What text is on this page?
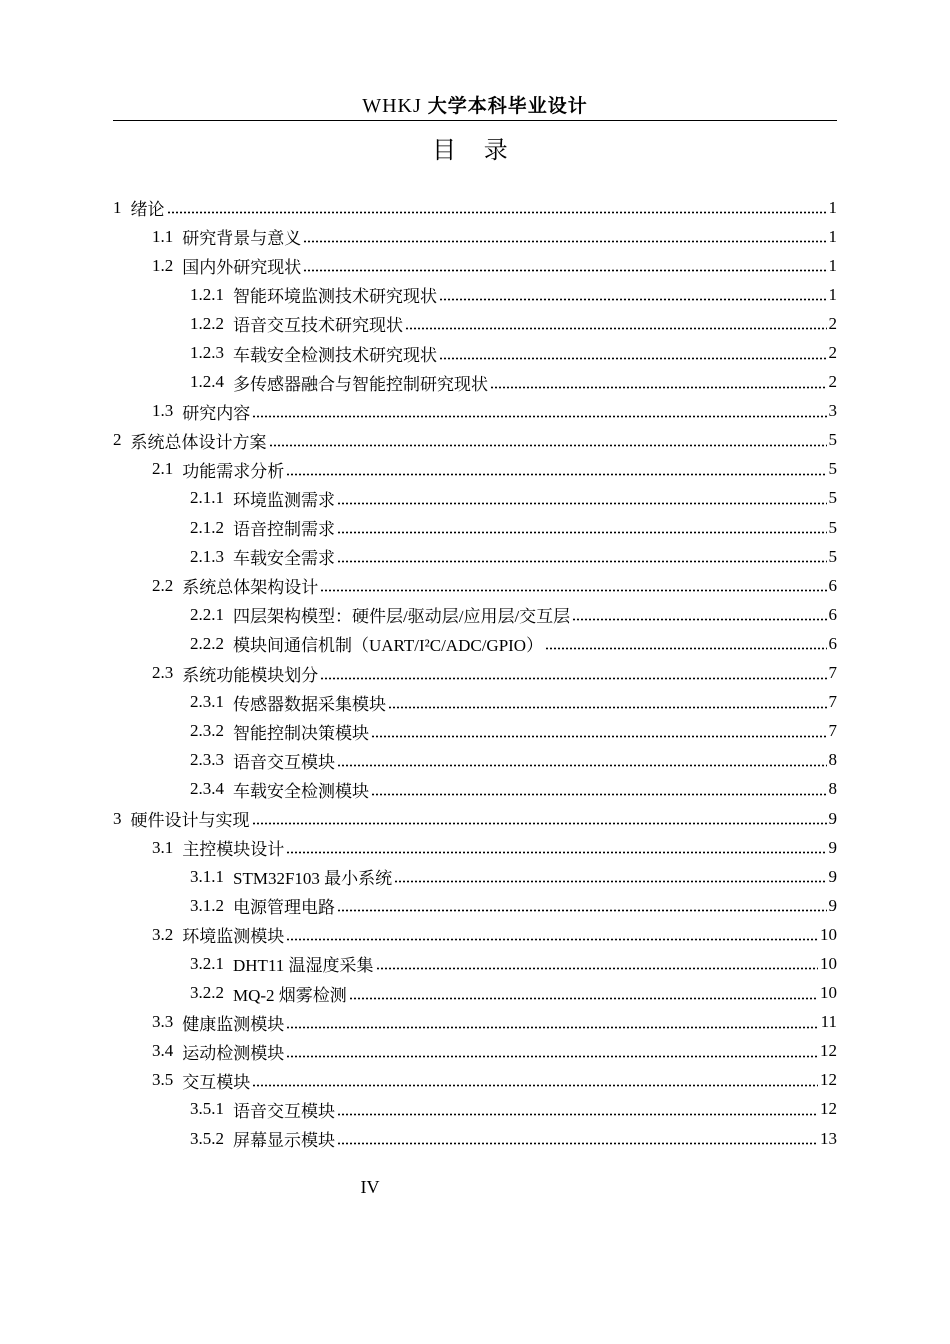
WHKJ 大学本科毕业设计
目 录
1 绪论	1
1.1 研究背景与意义	1
1.2 国内外研究现状	1
1.2.1 智能环境监测技术研究现状	1
1.2.2 语音交互技术研究现状	2
1.2.3 车载安全检测技术研究现状	2
1.2.4 多传感器融合与智能控制研究现状	2
1.3 研究内容	3
2 系统总体设计方案	5
2.1 功能需求分析	5
2.1.1 环境监测需求	5
2.1.2 语音控制需求	5
2.1.3 车载安全需求	5
2.2 系统总体架构设计	6
2.2.1 四层架构模型：硬件层/驱动层/应用层/交互层	6
2.2.2 模块间通信机制（UART/I²C/ADC/GPIO）	6
2.3 系统功能模块划分	7
2.3.1 传感器数据采集模块	7
2.3.2 智能控制决策模块	7
2.3.3 语音交互模块	8
2.3.4 车载安全检测模块	8
3 硬件设计与实现	9
3.1 主控模块设计	9
3.1.1 STM32F103 最小系统	9
3.1.2 电源管理电路	9
3.2 环境监测模块	10
3.2.1 DHT11 温湿度采集	10
3.2.2 MQ-2 烟雾检测	10
3.3 健康监测模块	11
3.4 运动检测模块	12
3.5 交互模块	12
3.5.1 语音交互模块	12
3.5.2 屏幕显示模块	13
IV
